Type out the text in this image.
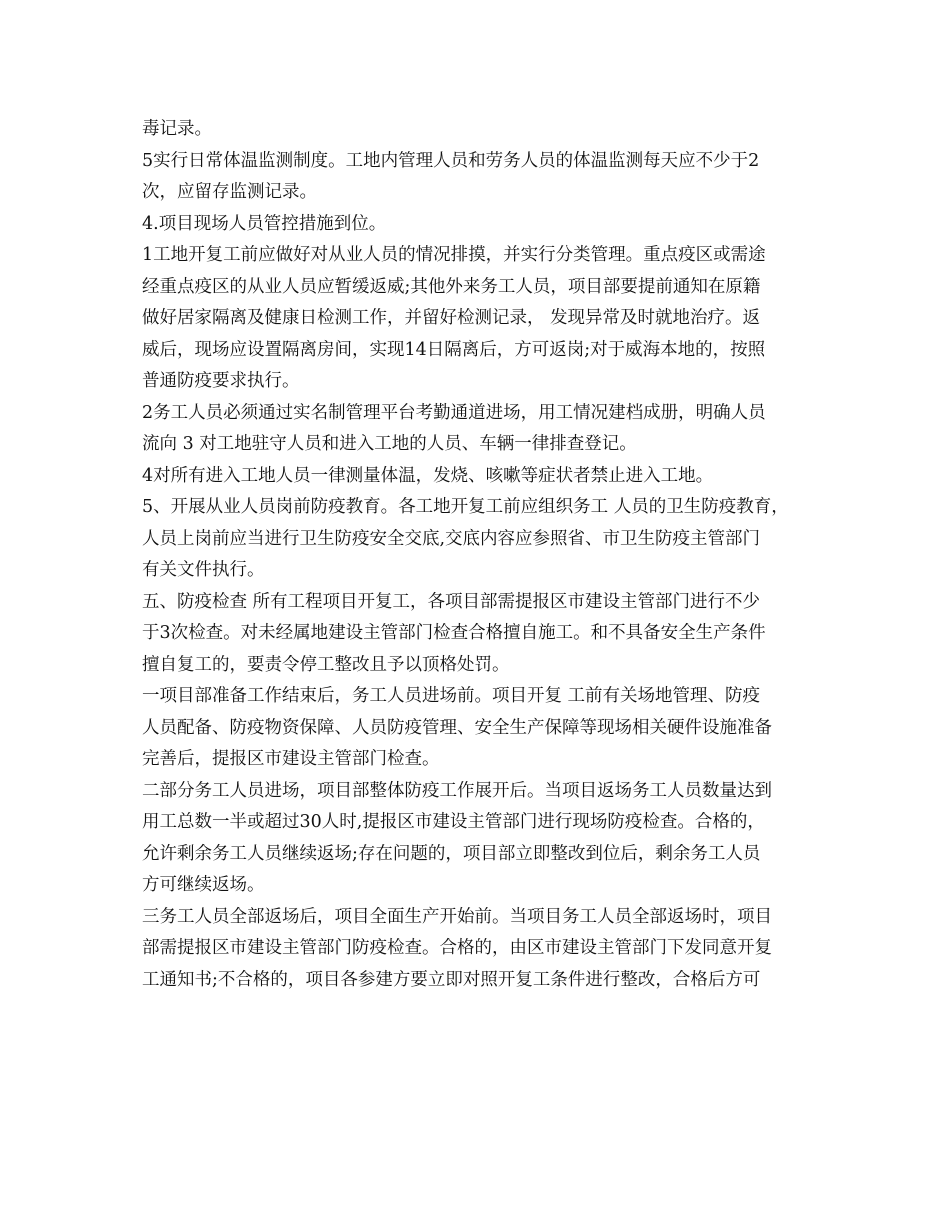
毒记录。
5实行日常体温监测制度。工地内管理人员和劳务人员的体温监测每天应不少于2
次，应留存监测记录。
4.项目现场人员管控措施到位。
1工地开复工前应做好对从业人员的情况排摸，并实行分类管理。重点疫区或需途
经重点疫区的从业人员应暂缓返威;其他外来务工人员，项目部要提前通知在原籍
做好居家隔离及健康日检测工作，并留好检测记录， 发现异常及时就地治疗。返
威后，现场应设置隔离房间，实现14日隔离后，方可返岗;对于威海本地的，按照
普通防疫要求执行。
2务工人员必须通过实名制管理平台考勤通道进场，用工情况建档成册，明确人员
流向 3 对工地驻守人员和进入工地的人员、车辆一律排查登记。
4对所有进入工地人员一律测量体温，发烧、咳嗽等症状者禁止进入工地。
5、开展从业人员岗前防疫教育。各工地开复工前应组织务工 人员的卫生防疫教育，
人员上岗前应当进行卫生防疫安全交底,交底内容应参照省、市卫生防疫主管部门
有关文件执行。
五、防疫检查 所有工程项目开复工，各项目部需提报区市建设主管部门进行不少
于3次检查。对未经属地建设主管部门检查合格擅自施工。和不具备安全生产条件
擅自复工的，要责令停工整改且予以顶格处罚。
一项目部准备工作结束后，务工人员进场前。项目开复 工前有关场地管理、防疫
人员配备、防疫物资保障、人员防疫管理、安全生产保障等现场相关硬件设施准备
完善后，提报区市建设主管部门检查。
二部分务工人员进场，项目部整体防疫工作展开后。当项目返场务工人员数量达到
用工总数一半或超过30人时,提报区市建设主管部门进行现场防疫检查。合格的，
允许剩余务工人员继续返场;存在问题的，项目部立即整改到位后，剩余务工人员
方可继续返场。
三务工人员全部返场后，项目全面生产开始前。当项目务工人员全部返场时，项目
部需提报区市建设主管部门防疫检查。合格的，由区市建设主管部门下发同意开复
工通知书;不合格的，项目各参建方要立即对照开复工条件进行整改，合格后方可
